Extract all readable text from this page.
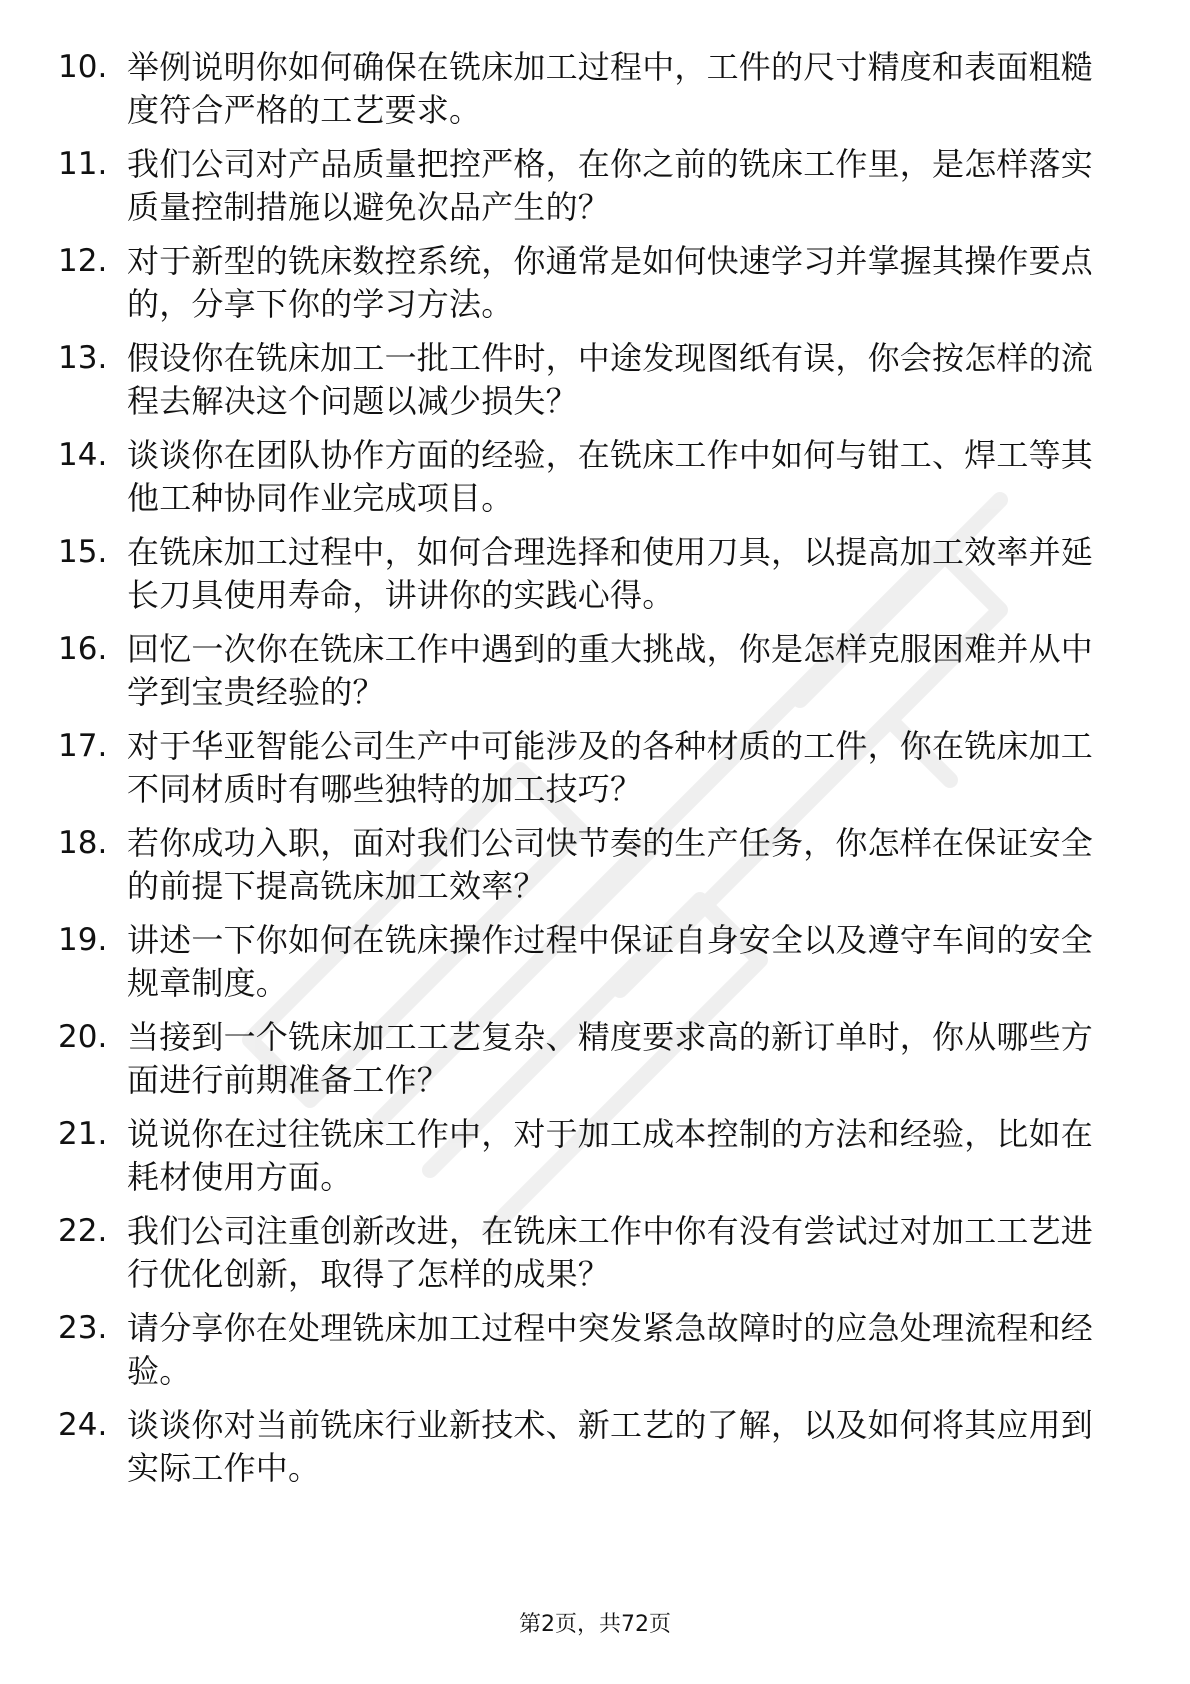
10. 举例说明你如何确保在铣床加工过程中，工件的尺寸精度和表面粗糙度符合严格的工艺要求。
11. 我们公司对产品质量把控严格，在你之前的铣床工作里，是怎样落实质量控制措施以避免次品产生的？
12. 对于新型的铣床数控系统，你通常是如何快速学习并掌握其操作要点的，分享下你的学习方法。
13. 假设你在铣床加工一批工件时，中途发现图纸有误，你会按怎样的流程去解决这个问题以减少损失？
14. 谈谈你在团队协作方面的经验，在铣床工作中如何与钳工、焊工等其他工种协同作业完成项目。
15. 在铣床加工过程中，如何合理选择和使用刀具，以提高加工效率并延长刀具使用寿命，讲讲你的实践心得。
16. 回忆一次你在铣床工作中遇到的重大挑战，你是怎样克服困难并从中学到宝贵经验的？
17. 对于华亚智能公司生产中可能涉及的各种材质的工件，你在铣床加工不同材质时有哪些独特的加工技巧？
18. 若你成功入职，面对我们公司快节奏的生产任务，你怎样在保证安全的前提下提高铣床加工效率？
19. 讲述一下你如何在铣床操作过程中保证自身安全以及遵守车间的安全规章制度。
20. 当接到一个铣床加工工艺复杂、精度要求高的新订单时，你从哪些方面进行前期准备工作？
21. 说说你在过往铣床工作中，对于加工成本控制的方法和经验，比如在耗材使用方面。
22. 我们公司注重创新改进，在铣床工作中你有没有尝试过对加工工艺进行优化创新，取得了怎样的成果？
23. 请分享你在处理铣床加工过程中突发紧急故障时的应急处理流程和经验。
24. 谈谈你对当前铣床行业新技术、新工艺的了解，以及如何将其应用到实际工作中。
第2页，共72页
